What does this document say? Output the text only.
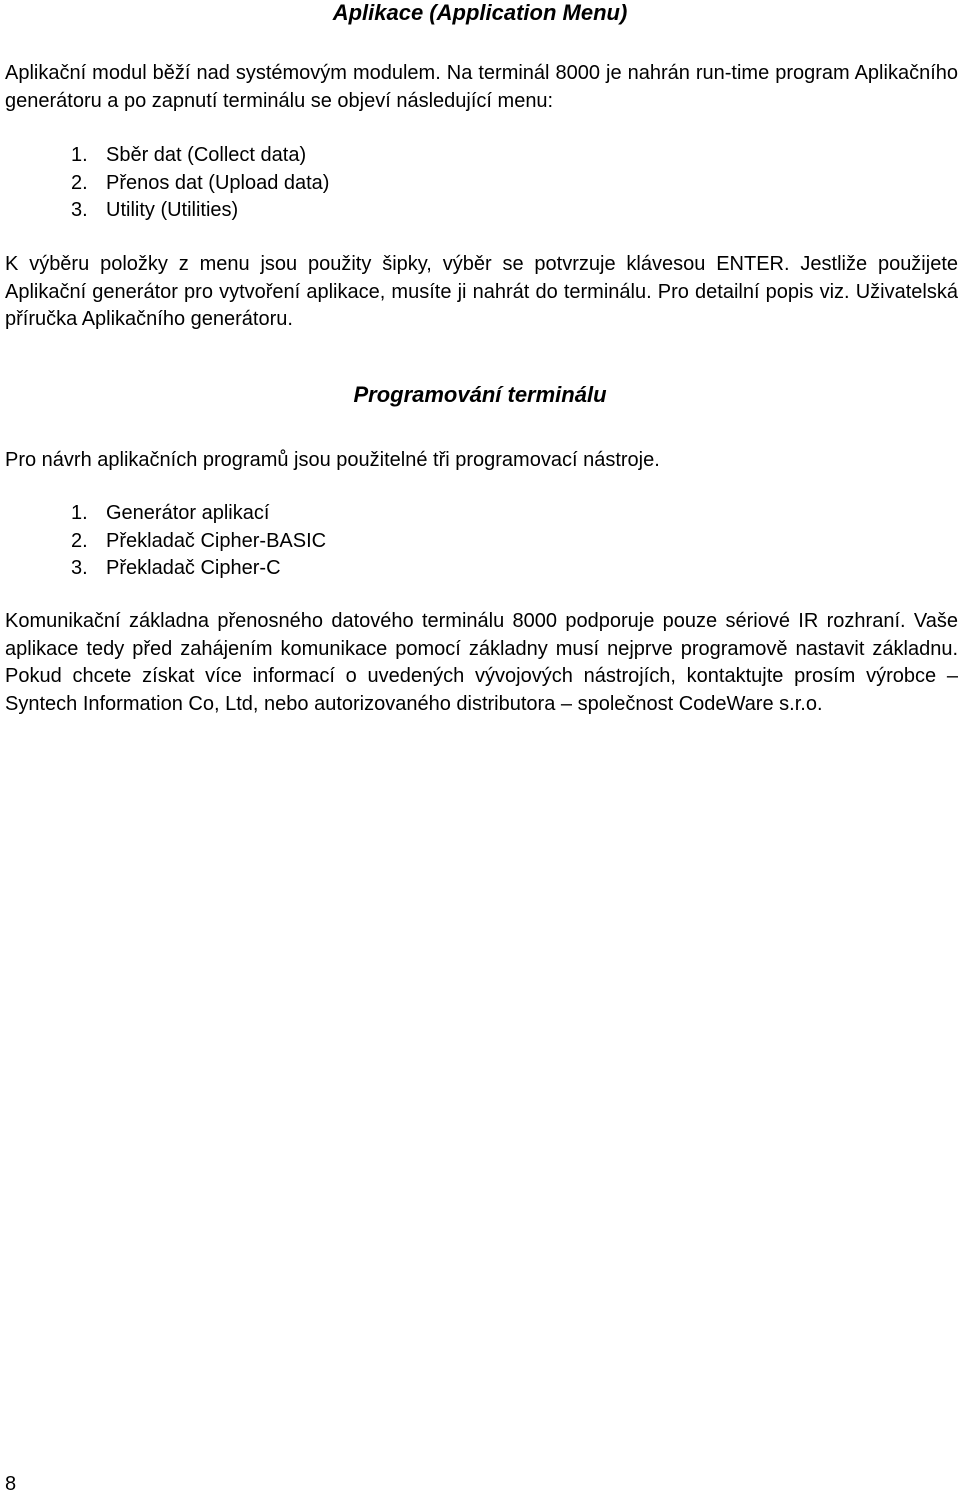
Aplikace (Application Menu)

Aplikační modul běží nad systémovým modulem. Na terminál 8000 je nahrán run-time program Aplikačního generátoru a po zapnutí terminálu se objeví následující menu:

1. Sběr dat (Collect data)
2. Přenos dat (Upload data)
3. Utility (Utilities)

K výběru položky z menu jsou použity šipky, výběr se potvrzuje klávesou ENTER. Jestliže použijete Aplikační generátor pro vytvoření aplikace, musíte ji nahrát do terminálu. Pro detailní popis viz. Uživatelská příručka Aplikačního generátoru.

Programování terminálu

Pro návrh aplikačních programů jsou použitelné tři programovací nástroje.

1. Generátor aplikací
2. Překladač Cipher-BASIC
3. Překladač Cipher-C

Komunikační základna přenosného datového terminálu 8000 podporuje pouze sériové IR rozhraní. Vaše aplikace tedy před zahájením komunikace pomocí základny musí nejprve programově nastavit základnu. Pokud chcete získat více informací o uvedených vývojových nástrojích, kontaktujte prosím výrobce –Syntech Information Co, Ltd, nebo autorizovaného distributora – společnost CodeWare s.r.o.

8
